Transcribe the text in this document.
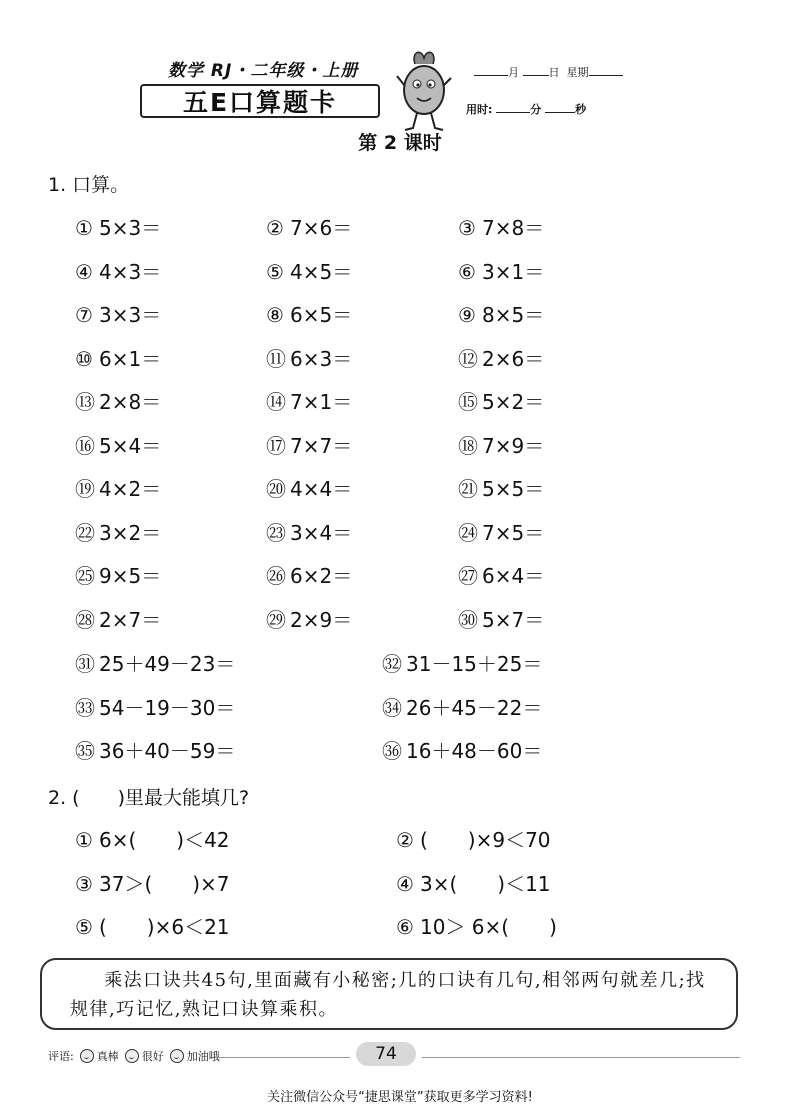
数学 RJ・二年级・上册
五E口算题卡
月	日 星期
用时:	分	秒
第 2 课时
1. 口算。
① 5×3＝	② 7×6＝	③ 7×8＝
④ 4×3＝	⑤ 4×5＝	⑥ 3×1＝
⑦ 3×3＝	⑧ 6×5＝	⑨ 8×5＝
⑩ 6×1＝	⑪ 6×3＝	⑫ 2×6＝
⑬ 2×8＝	⑭ 7×1＝	⑮ 5×2＝
⑯ 5×4＝	⑰ 7×7＝	⑱ 7×9＝
⑲ 4×2＝	⑳ 4×4＝	㉑ 5×5＝
㉒ 3×2＝	㉓ 3×4＝	㉔ 7×5＝
㉕ 9×5＝	㉖ 6×2＝	㉗ 6×4＝
㉘ 2×7＝	㉙ 2×9＝	㉚ 5×7＝
㉛ 25＋49－23＝	㉜ 31－15＋25＝
㉝ 54－19－30＝	㉞ 26＋45－22＝
㉟ 36＋40－59＝	㊱ 16＋48－60＝
2. (　　)里最大能填几?
① 6×(　　)＜42	② (　　)×9＜70
③ 37＞(　　)×7	④ 3×(　　)＜11
⑤ (　　)×6＜21	⑥ 10＞ 6×(　　)
乘法口诀共45句,里面藏有小秘密;几的口诀有几句,相邻两句就差几;找规律,巧记忆,熟记口诀算乘积。
评语: 真棒 很好 加油哦	74
关注微信公众号“捷思课堂”获取更多学习资料!
